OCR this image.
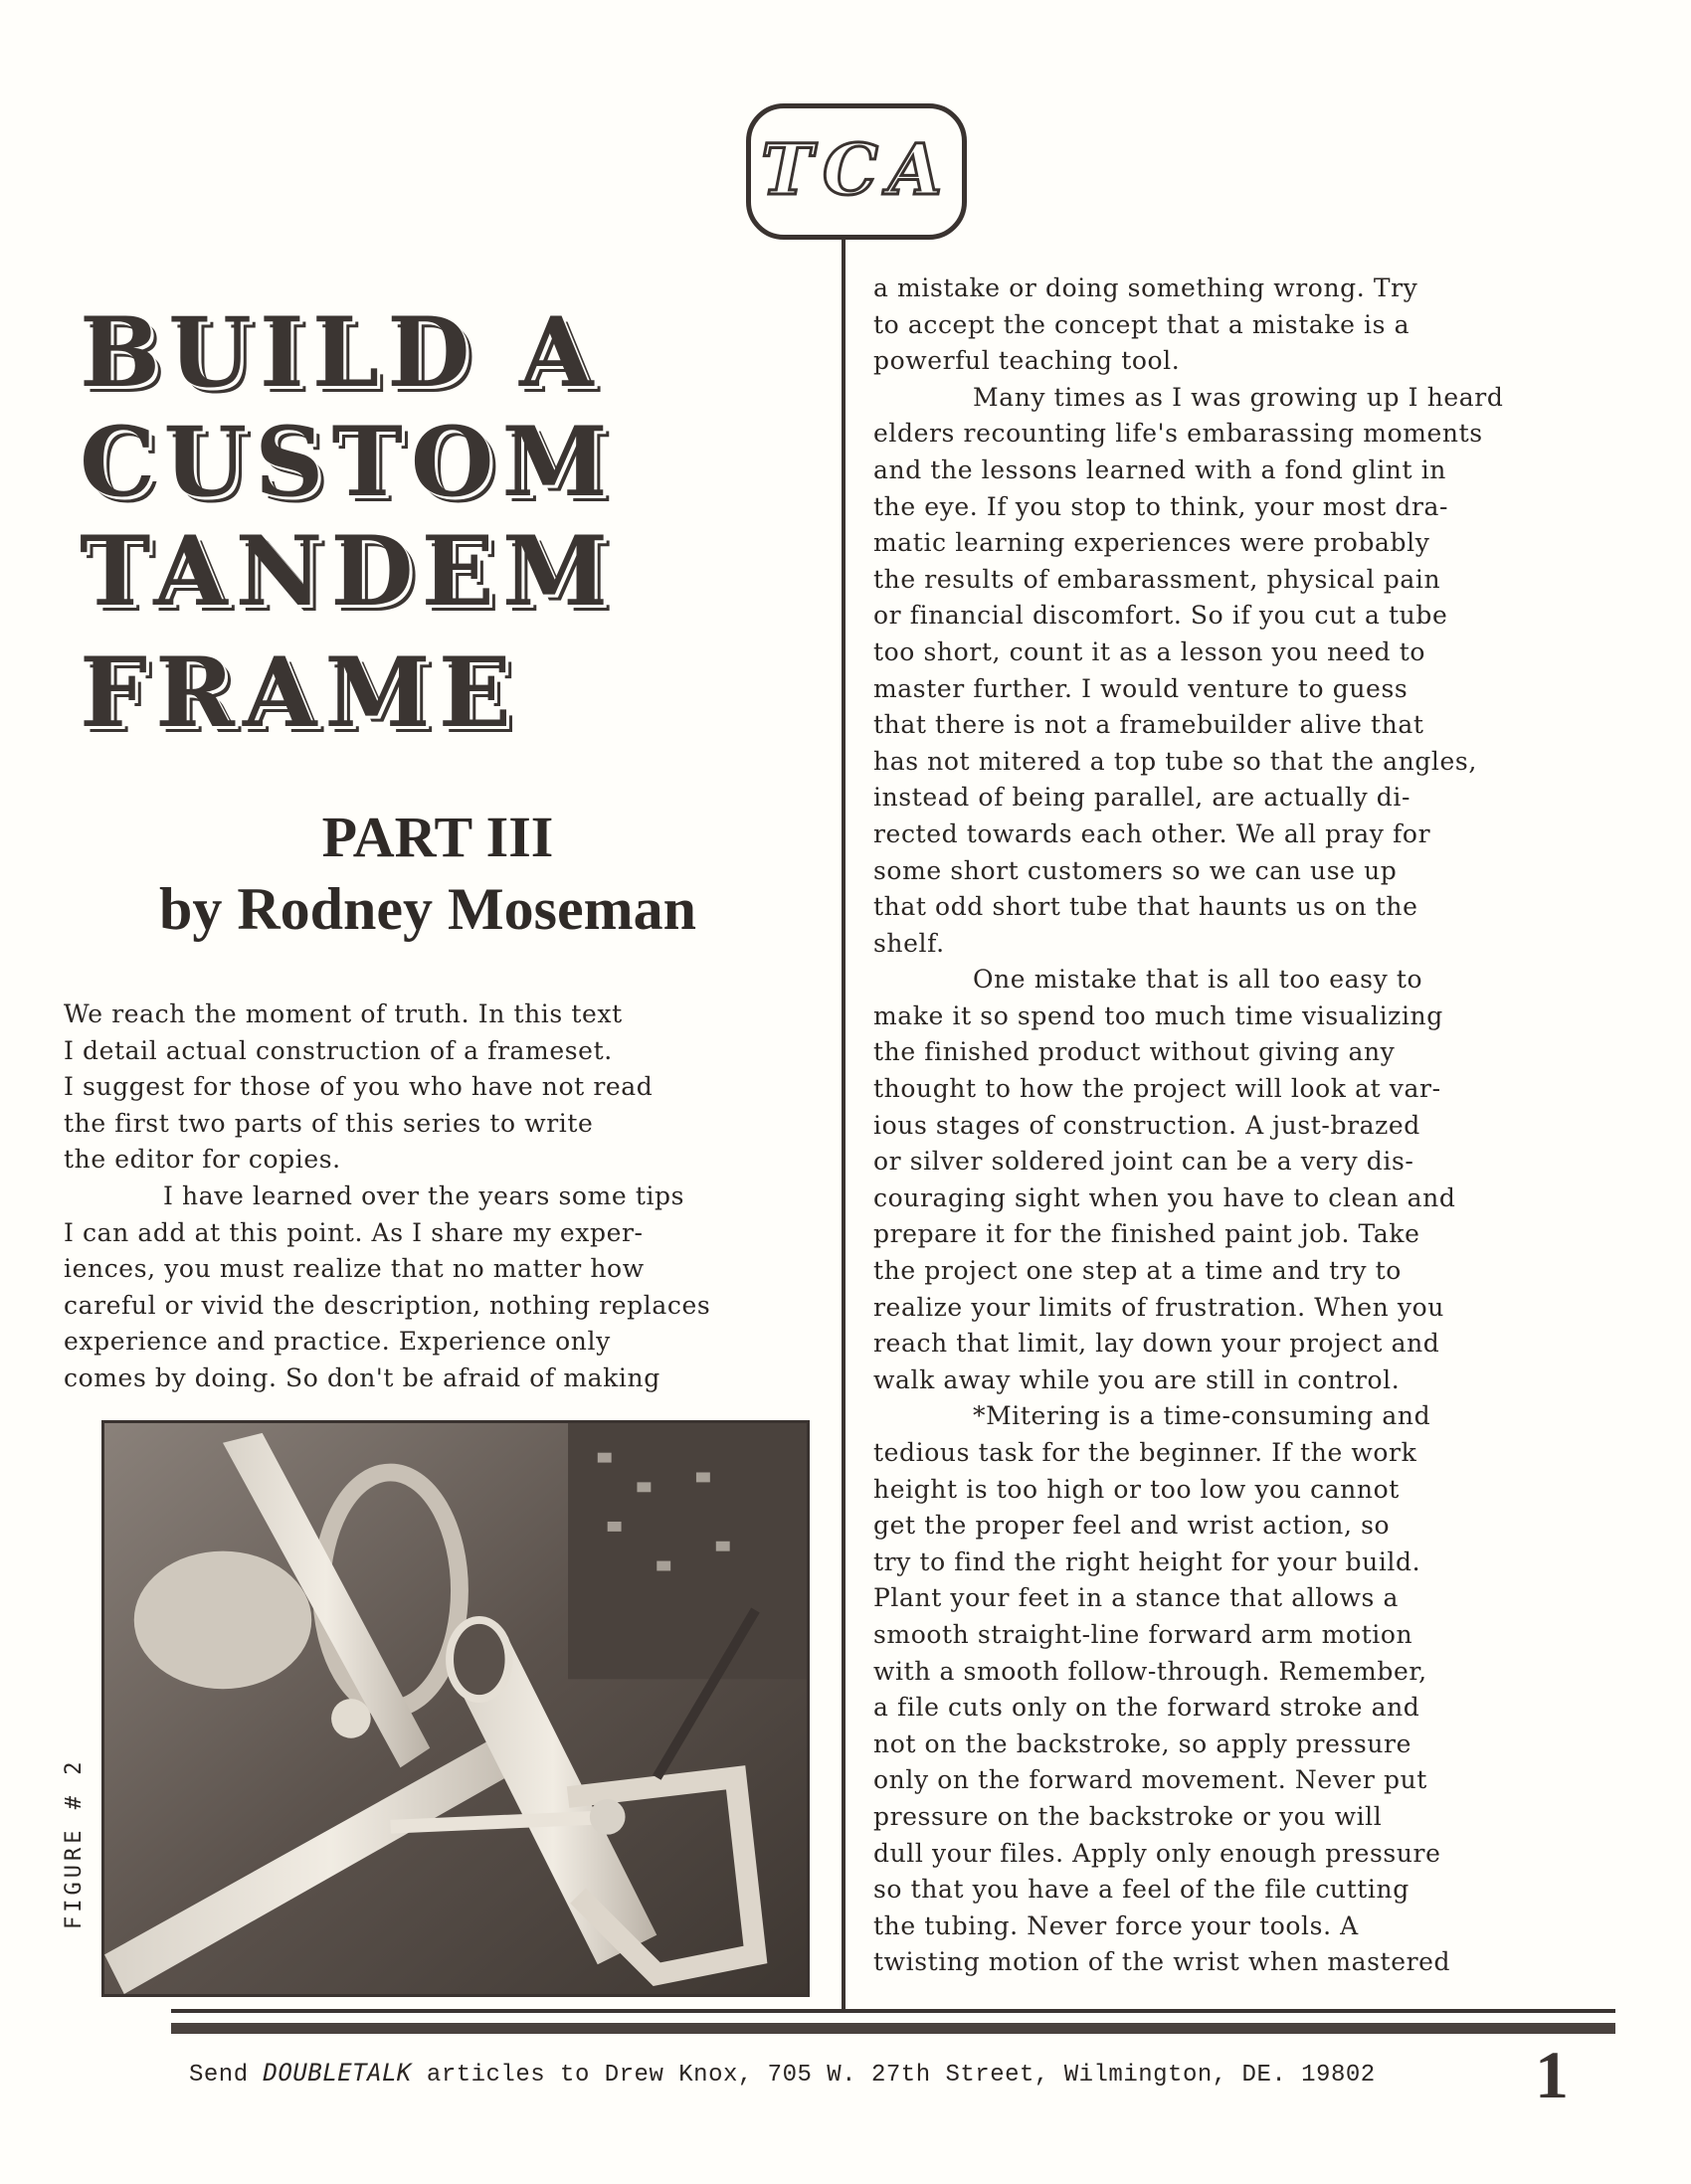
TCA
BUILD A
CUSTOM
TANDEM
FRAME
PART III
by Rodney Moseman
We reach the moment of truth. In this text
I detail actual construction of a frameset.
I suggest for those of you who have not read
the first two parts of this series to write
the editor for copies.
I have learned over the years some tips
I can add at this point. As I share my exper-
iences, you must realize that no matter how
careful or vivid the description, nothing replaces
experience and practice. Experience only
comes by doing. So don't be afraid of making
FIGURE # 2
a mistake or doing something wrong. Try
to accept the concept that a mistake is a
powerful teaching tool.
Many times as I was growing up I heard
elders recounting life's embarassing moments
and the lessons learned with a fond glint in
the eye. If you stop to think, your most dra-
matic learning experiences were probably
the results of embarassment, physical pain
or financial discomfort. So if you cut a tube
too short, count it as a lesson you need to
master further. I would venture to guess
that there is not a framebuilder alive that
has not mitered a top tube so that the angles,
instead of being parallel, are actually di-
rected towards each other. We all pray for
some short customers so we can use up
that odd short tube that haunts us on the
shelf.
One mistake that is all too easy to
make it so spend too much time visualizing
the finished product without giving any
thought to how the project will look at var-
ious stages of construction. A just-brazed
or silver soldered joint can be a very dis-
couraging sight when you have to clean and
prepare it for the finished paint job. Take
the project one step at a time and try to
realize your limits of frustration. When you
reach that limit, lay down your project and
walk away while you are still in control.
*Mitering is a time-consuming and
tedious task for the beginner. If the work
height is too high or too low you cannot
get the proper feel and wrist action, so
try to find the right height for your build.
Plant your feet in a stance that allows a
smooth straight-line forward arm motion
with a smooth follow-through. Remember,
a file cuts only on the forward stroke and
not on the backstroke, so apply pressure
only on the forward movement. Never put
pressure on the backstroke or you will
dull your files. Apply only enough pressure
so that you have a feel of the file cutting
the tubing. Never force your tools. A
twisting motion of the wrist when mastered
Send DOUBLETALK articles to Drew Knox, 705 W. 27th Street, Wilmington, DE. 19802 1
